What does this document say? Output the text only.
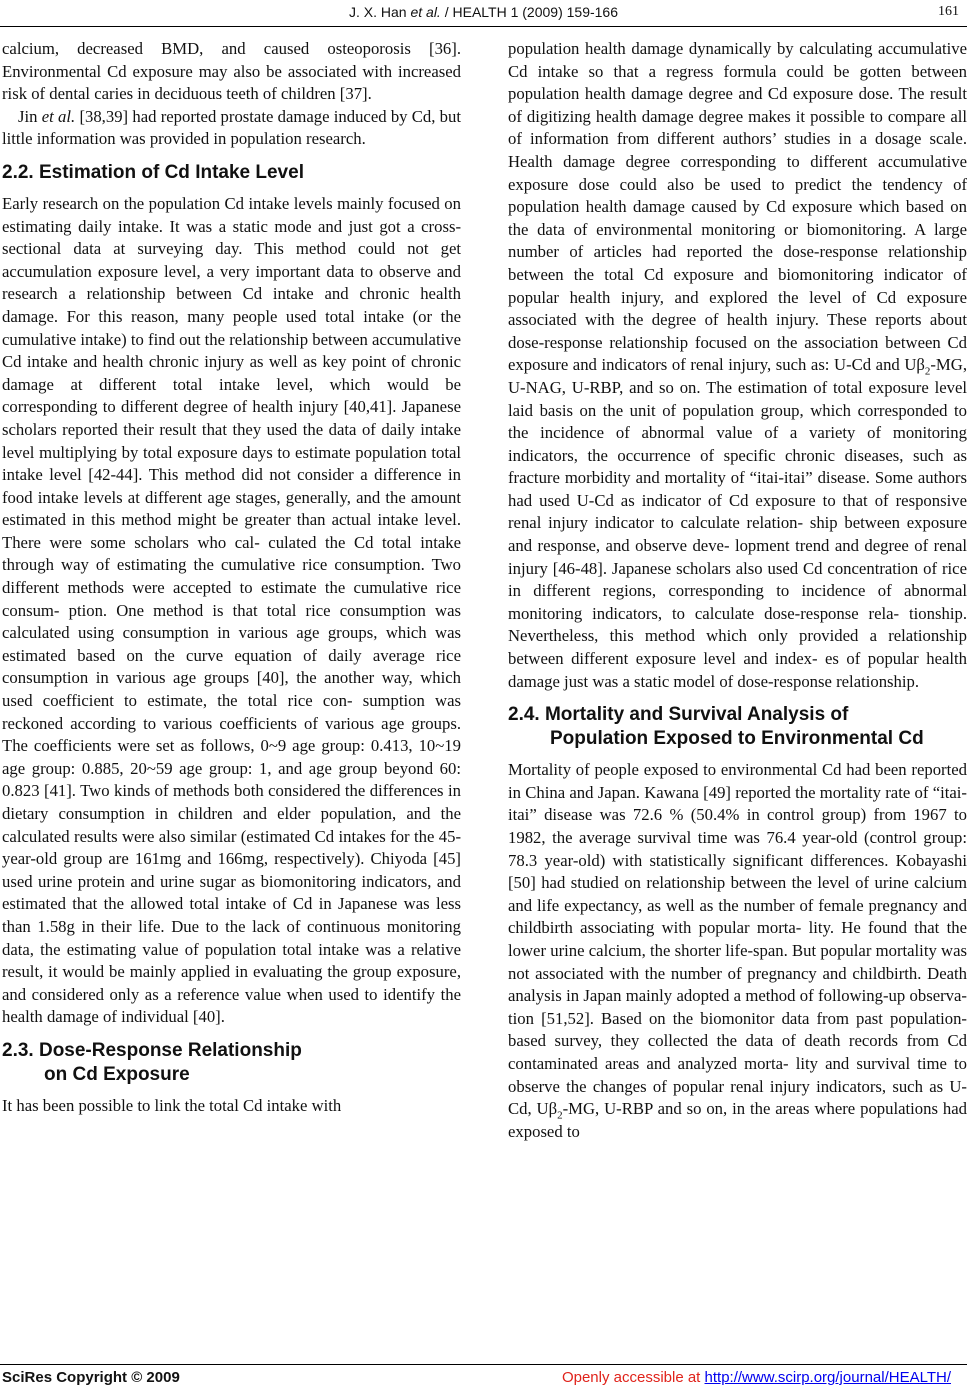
J. X. Han et al. / HEALTH 1 (2009) 159-166	161

calcium, decreased BMD, and caused osteoporosis [36]. Environmental Cd exposure may also be associated with increased risk of dental caries in deciduous teeth of children [37].

Jin et al. [38,39] had reported prostate damage induced by Cd, but little information was provided in population research.

2.2. Estimation of Cd Intake Level

Early research on the population Cd intake levels mainly focused on estimating daily intake. It was a static mode and just got a cross-sectional data at surveying day. This method could not get accumulation exposure level, a very important data to observe and research a relationship between Cd intake and chronic health damage. For this reason, many people used total intake (or the cumulative intake) to find out the relationship between accumulative Cd intake and health chronic injury as well as key point of chronic damage at different total intake level, which would be corresponding to different degree of health injury [40,41]. Japanese scholars reported their result that they used the data of daily intake level multiplying by total exposure days to estimate population total intake level [42-44]. This method did not consider a difference in food intake levels at different age stages, generally, and the amount estimated in this method might be greater than actual intake level. There were some scholars who cal- culated the Cd total intake through way of estimating the cumulative rice consumption. Two different methods were accepted to estimate the cumulative rice consum- ption. One method is that total rice consumption was calculated using consumption in various age groups, which was estimated based on the curve equation of daily average rice consumption in various age groups [40], the another way, which used coefficient to estimate, the total rice con- sumption was reckoned according to various coefficients of various age groups. The coefficients were set as follows, 0~9 age group: 0.413, 10~19 age group: 0.885, 20~59 age group: 1, and age group beyond 60: 0.823 [41]. Two kinds of methods both considered the differences in dietary consumption in children and elder population, and the calculated results were also similar (estimated Cd intakes for the 45-year-old group are 161mg and 166mg, respectively). Chiyoda [45] used urine protein and urine sugar as biomonitoring indicators, and estimated that the allowed total intake of Cd in Japanese was less than 1.58g in their life. Due to the lack of continuous monitoring data, the estimating value of population total intake was a relative result, it would be mainly applied in evaluating the group exposure, and considered only as a reference value when used to identify the health damage of individual [40].

2.3. Dose-Response Relationship
on Cd Exposure

It has been possible to link the total Cd intake with

population health damage dynamically by calculating accumulative Cd intake so that a regress formula could be gotten between population health damage degree and Cd exposure dose. The result of digitizing health damage degree makes it possible to compare all of information from different authors’ studies in a dosage scale. Health damage degree corresponding to different accumulative exposure dose could also be used to predict the tendency of population health damage caused by Cd exposure which based on the data of environmental monitoring or biomonitoring. A large number of articles had reported the dose-response relationship between the total Cd exposure and biomonitoring indicator of popular health injury, and explored the level of Cd exposure associated with the degree of health injury. These reports about dose-response relationship focused on the association between Cd exposure and indicators of renal injury, such as: U-Cd and $U\beta_2-MG$, U-NAG, U-RBP, and so on. The estimation of total exposure level laid basis on the unit of population group, which corresponded to the incidence of abnormal value of a variety of monitoring indicators, the occurrence of specific chronic diseases, such as fracture morbidity and mortality of “itai-itai” disease. Some authors had used U-Cd as indicator of Cd exposure to that of responsive renal injury indicator to calculate relation- ship between exposure and response, and observe deve- lopment trend and degree of renal injury [46-48]. Japanese scholars also used Cd concentration of rice in different regions, corresponding to incidence of abnormal monitoring indicators, to calculate dose-response rela- tionship. Nevertheless, this method which only provided a relationship between different exposure level and index- es of popular health damage just was a static model of dose-response relationship.

2.4. Mortality and Survival Analysis of
Population Exposed to Environmental Cd

Mortality of people exposed to environmental Cd had been reported in China and Japan. Kawana [49] reported the mortality rate of “itai-itai” disease was 72.6 % (50.4% in control group) from 1967 to 1982, the average survival time was 76.4 year-old (control group: 78.3 year-old) with statistically significant differences. Kobayashi [50] had studied on relationship between the level of urine calcium and life expectancy, as well as the number of female pregnancy and childbirth associating with popular morta- lity. He found that the lower urine calcium, the shorter life-span. But popular mortality was not associated with the number of pregnancy and childbirth. Death analysis in Japan mainly adopted a method of following-up observa- tion [51,52]. Based on the biomonitor data from past population-based survey, they collected the data of death records from Cd contaminated areas and analyzed morta- lity and survival time to observe the changes of popular renal injury indicators, such as U-Cd, $U\beta_2-MG$, U-RBP and so on, in the areas where populations had exposed to

SciRes Copyright © 2009	Openly accessible at http://www.scirp.org/journal/HEALTH/
